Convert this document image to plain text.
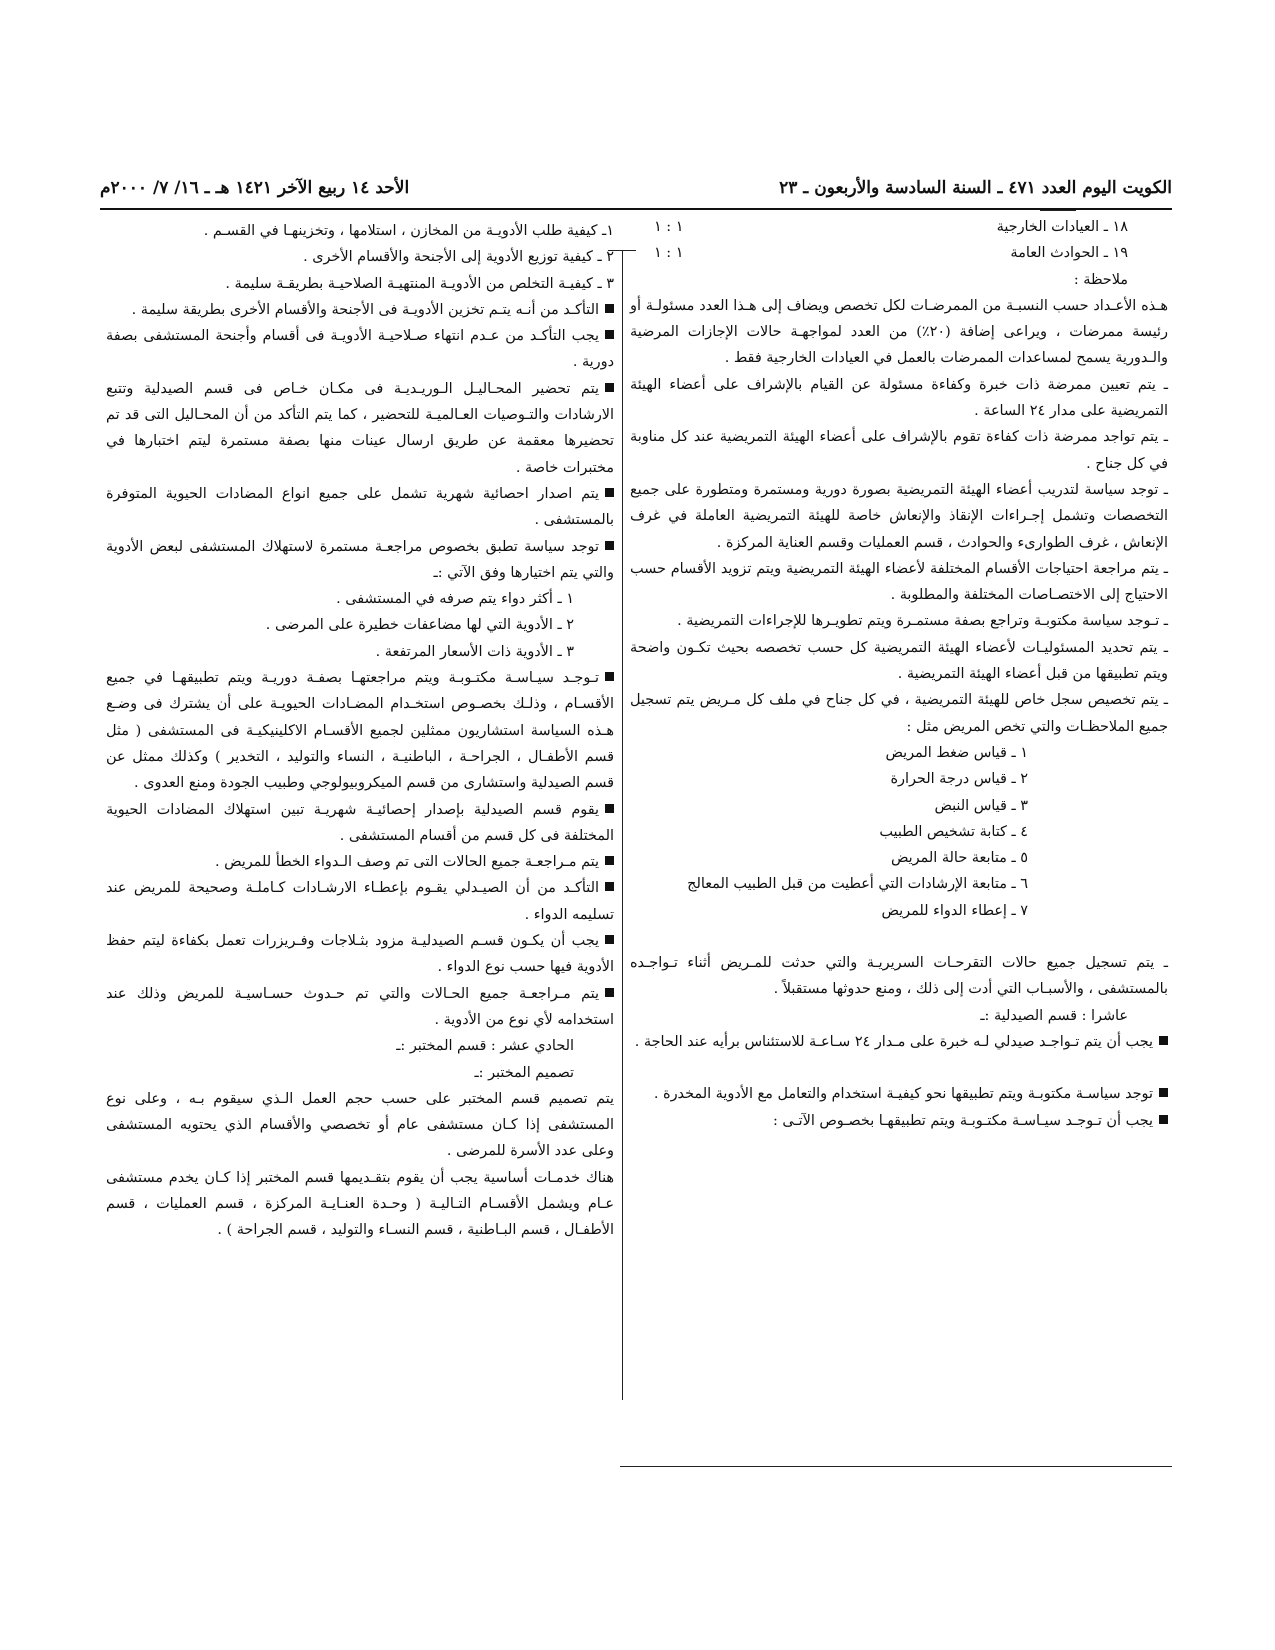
الكويت اليوم العدد ٤٧١ ـ السنة السادسة والأربعون ـ ٢٣
الأحد ١٤ ربيع الآخر ١٤٢١ هـ ـ ١٦/ ٧/ ٢٠٠٠م
١٨ ـ العيادات الخارجية
١ : ١
١٩ ـ الحوادث العامة
١ : ١

ملاحظة :

هـذه الأعـداد حسب النسبـة من الممرضـات لكل تخصص ويضاف إلى هـذا العدد مسئولـة أو رئيسة ممرضات ، ويراعى إضافة (٢٠٪) من العدد لمواجهـة حالات الإجازات المرضية والـدورية يسمح لمساعدات الممرضات بالعمل في العيادات الخارجية فقط .

ـ يتم تعيين ممرضة ذات خبرة وكفاءة مسئولة عن القيام بالإشراف على أعضاء الهيئة التمريضية على مدار ٢٤ الساعة .

ـ يتم تواجد ممرضة ذات كفاءة تقوم بالإشراف على أعضاء الهيئة التمريضية عند كل مناوبة في كل جناح .

ـ توجد سياسة لتدريب أعضاء الهيئة التمريضية بصورة دورية ومستمرة ومتطورة على جميع التخصصات وتشمل إجـراءات الإنقاذ والإنعاش خاصة للهيئة التمريضية العاملة في غرف الإنعاش ، غرف الطوارىء والحوادث ، قسم العمليات وقسم العناية المركزة .

ـ يتم مراجعة احتياجات الأقسام المختلفة لأعضاء الهيئة التمريضية ويتم تزويد الأقسام حسب الاحتياج إلى الاختصـاصات المختلفة والمطلوبة .

ـ تـوجد سياسة مكتوبـة وتراجع بصفة مستمـرة ويتم تطويـرها للإجراءات التمريضية .

ـ يتم تحديد المسئوليـات لأعضاء الهيئة التمريضية كل حسب تخصصه بحيث تكـون واضحة ويتم تطبيقها من قبل أعضاء الهيئة التمريضية .

ـ يتم تخصيص سجل خاص للهيئة التمريضية ، في كل جناح في ملف كل مـريض يتم تسجيل جميع الملاحظـات والتي تخص المريض مثل :

١ ـ قياس ضغط المريض

٢ ـ قياس درجة الحرارة

٣ ـ قياس النبض

٤ ـ كتابة تشخيص الطبيب

٥ ـ متابعة حالة المريض

٦ ـ متابعة الإرشادات التي أعطيت من قبل الطبيب المعالج

٧ ـ إعطاء الدواء للمريض

ـ يتم تسجيل جميع حالات التقرحـات السريريـة والتي حدثت للمـريض أثناء تـواجـده بالمستشفى ، والأسبـاب التي أدت إلى ذلك ، ومنع حدوثها مستقبلاً .

عاشرا : قسم الصيدلية :ـ

يجب أن يتم تـواجـد صيدلي لـه خبرة على مـدار ٢٤ سـاعـة للاستئناس برأيه عند الحاجة .

توجد سياسـة مكتوبـة ويتم تطبيقها نحو كيفيـة استخدام والتعامل مع الأدوية المخدرة .

يجب أن تـوجـد سيـاسـة مكتـوبـة ويتم تطبيقهـا بخصـوص الآتـى :

١ـ كيفية طلب الأدويـة من المخازن ، استلامها ، وتخزينهـا في القسـم .

٢ ـ كيفية توزيع الأدوية إلى الأجنحة والأقسام الأخرى .

٣ ـ كيفيـة التخلص من الأدويـة المنتهيـة الصلاحيـة بطريقـة سليمة .

التأكـد من أنـه يتـم تخزين الأدويـة فى الأجنحة والأقسام الأخرى بطريقة سليمة .

يجب التأكـد من عـدم انتهاء صـلاحيـة الأدويـة فى أقسام وأجنحة المستشفى بصفة دورية .

يتم تحضير المحـاليـل الـوريـديـة فى مكـان خـاص فى قسم الصيدلية وتتبع الارشادات والتـوصيات العـالميـة للتحضير ، كما يتم التأكد من أن المحـاليل التى قد تم تحضيرها معقمة عن طريق ارسال عينات منها بصفة مستمرة ليتم اختبارها في مختبرات خاصة .

يتم اصدار احصائية شهرية تشمل على جميع انواع المضادات الحيوية المتوفرة بالمستشفى .

توجد سياسة تطبق بخصوص مراجعـة مستمرة لاستهلاك المستشفى لبعض الأدوية والتي يتم اختيارها وفق الآتي :ـ

١ ـ أكثر دواء يتم صرفه في المستشفى .

٢ ـ الأدوية التي لها مضاعفات خطيرة على المرضى .

٣ ـ الأدوية ذات الأسعار المرتفعة .

تـوجـد سيـاسـة مكتـوبـة ويتم مراجعتهـا بصفـة دوريـة ويتم تطبيقهـا في جميع الأقسـام ، وذلـك بخصـوص استخـدام المضـادات الحيويـة على أن يشترك فى وضـع هـذه السياسة استشاريون ممثلين لجميع الأقسـام الاكلينيكيـة فى المستشفى ( مثل قسم الأطفـال ، الجراحـة ، الباطنيـة ، النساء والتوليد ، التخدير ) وكذلك ممثل عن قسم الصيدلية واستشارى من قسم الميكروبيولوجي وطبيب الجودة ومنع العدوى .

يقوم قسم الصيدلية بإصدار إحصائيـة شهريـة تبين استهلاك المضادات الحيوية المختلفة فى كل قسم من أقسام المستشفى .

يتم مـراجعـة جميع الحالات التى تم وصف الـدواء الخطأ للمريض .

التأكـد من أن الصيـدلي يقـوم بإعطـاء الارشـادات كـاملـة وصحيحة للمريض عند تسليمه الدواء .

يجب أن يكـون قسـم الصيدليـة مزود بثـلاجات وفـريزرات تعمل بكفاءة ليتم حفظ الأدوية فيها حسب نوع الدواء .

يتم مـراجعـة جميع الحـالات والتي تم حـدوث حسـاسيـة للمريض وذلك عند استخدامه لأي نوع من الأدوية .

الحادي عشر : قسم المختبر :ـ

تصميم المختبر :ـ

يتم تصميم قسم المختبر على حسب حجم العمل الـذي سيقوم بـه ، وعلى نوع المستشفى إذا كـان مستشفى عام أو تخصصي والأقسام الذي يحتويه المستشفى وعلى عدد الأسرة للمرضى .

هناك خدمـات أساسية يجب أن يقوم بتقـديمها قسم المختبر إذا كـان يخدم مستشفى عـام ويشمل الأقسـام التـاليـة ( وحـدة العنـايـة المركزة ، قسم العمليات ، قسم الأطفـال ، قسم البـاطنية ، قسم النسـاء والتوليد ، قسم الجراحة ) .
